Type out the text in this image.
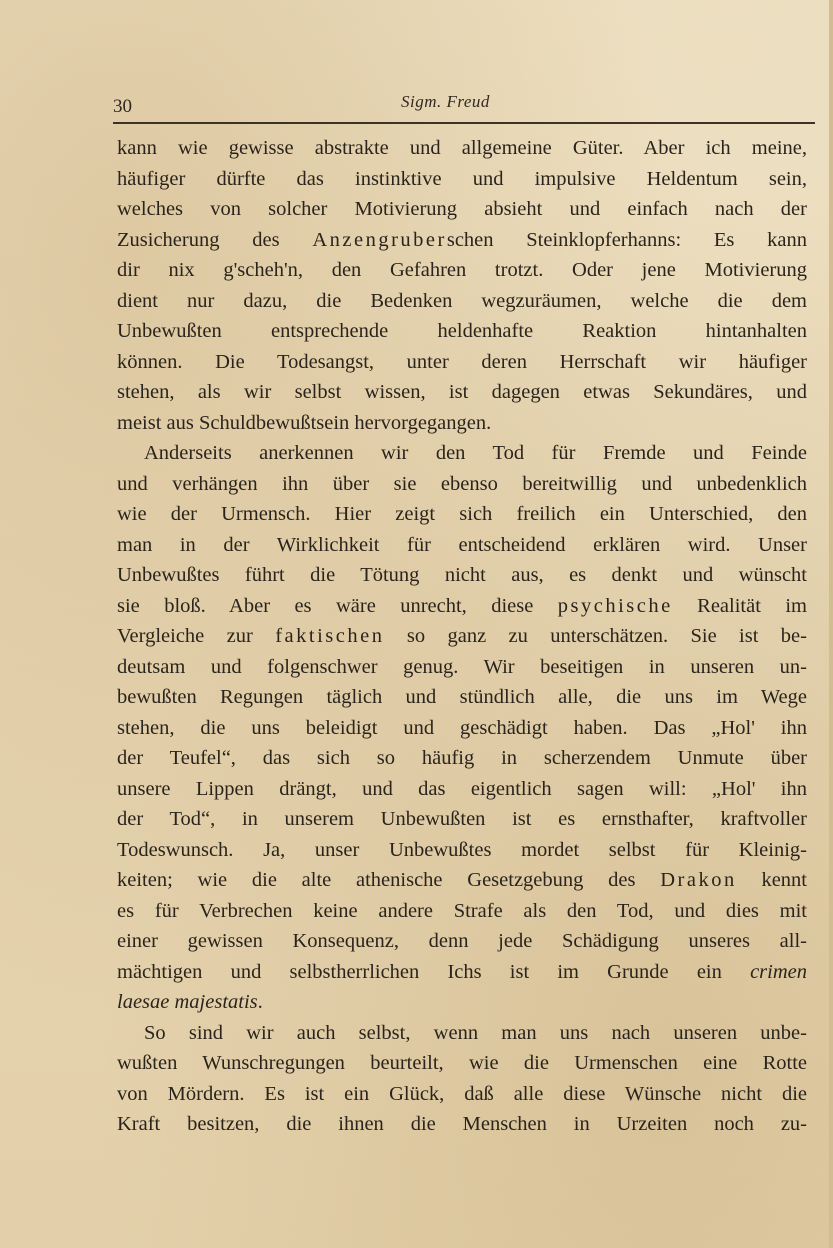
30	Sigm. Freud
kann wie gewisse abstrakte und allgemeine Güter. Aber ich meine,
häufiger dürfte das instinktive und impulsive Heldentum sein,
welches von solcher Motivierung absieht und einfach nach der
Zusicherung des Anzengruberschen Steinklopferhanns: Es kann
dir nix g'scheh'n, den Gefahren trotzt. Oder jene Motivierung
dient nur dazu, die Bedenken wegzuräumen, welche die dem
Unbewußten entsprechende heldenhafte Reaktion hintanhalten
können. Die Todesangst, unter deren Herrschaft wir häufiger
stehen, als wir selbst wissen, ist dagegen etwas Sekundäres, und
meist aus Schuldbewußtsein hervorgegangen.
Anderseits anerkennen wir den Tod für Fremde und Feinde
und verhängen ihn über sie ebenso bereitwillig und unbedenklich
wie der Urmensch. Hier zeigt sich freilich ein Unterschied, den
man in der Wirklichkeit für entscheidend erklären wird. Unser
Unbewußtes führt die Tötung nicht aus, es denkt und wünscht
sie bloß. Aber es wäre unrecht, diese psychische Realität im
Vergleiche zur faktischen so ganz zu unterschätzen. Sie ist be-
deutsam und folgenschwer genug. Wir beseitigen in unseren un-
bewußten Regungen täglich und stündlich alle, die uns im Wege
stehen, die uns beleidigt und geschädigt haben. Das „Hol' ihn
der Teufel“, das sich so häufig in scherzendem Unmute über
unsere Lippen drängt, und das eigentlich sagen will: „Hol' ihn
der Tod“, in unserem Unbewußten ist es ernsthafter, kraftvoller
Todeswunsch. Ja, unser Unbewußtes mordet selbst für Kleinig-
keiten; wie die alte athenische Gesetzgebung des Drakon kennt
es für Verbrechen keine andere Strafe als den Tod, und dies mit
einer gewissen Konsequenz, denn jede Schädigung unseres all-
mächtigen und selbstherrlichen Ichs ist im Grunde ein crimen
laesae majestatis.
So sind wir auch selbst, wenn man uns nach unseren unbe-
wußten Wunschregungen beurteilt, wie die Urmenschen eine Rotte
von Mördern. Es ist ein Glück, daß alle diese Wünsche nicht die
Kraft besitzen, die ihnen die Menschen in Urzeiten noch zu-
